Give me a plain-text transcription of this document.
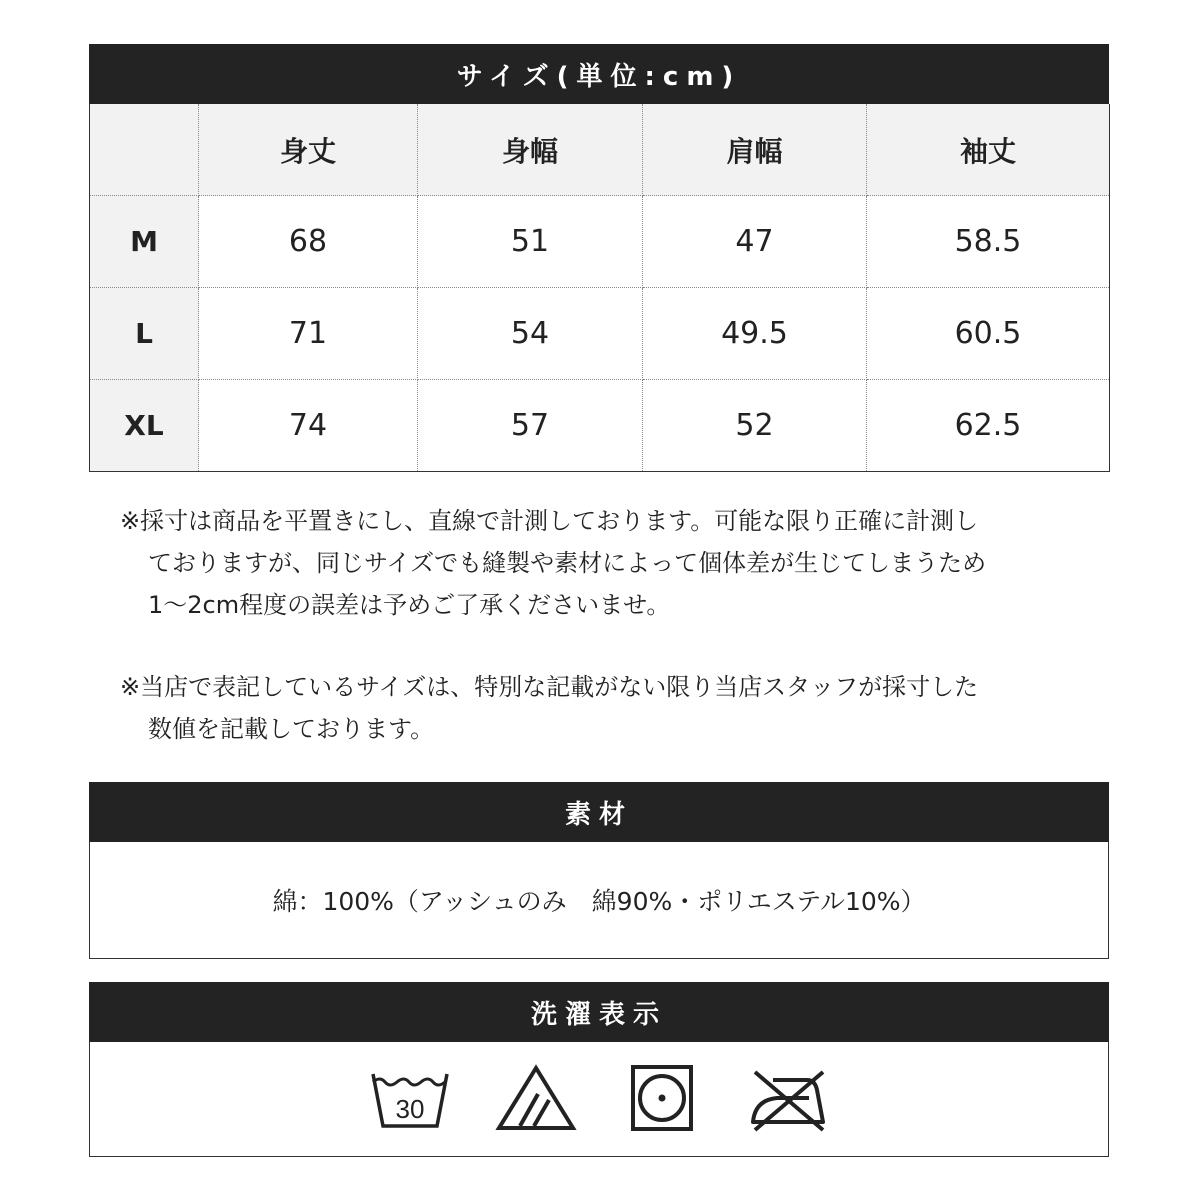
サイズ(単位:cm)
	身丈	身幅	肩幅	袖丈
M	68	51	47	58.5
L	71	54	49.5	60.5
XL	74	57	52	62.5
※採寸は商品を平置きにし、直線で計測しております。可能な限り正確に計測し
ておりますが、同じサイズでも縫製や素材によって個体差が生じてしまうため
1～2cm程度の誤差は予めご了承くださいませ。
※当店で表記しているサイズは、特別な記載がない限り当店スタッフが採寸した
数値を記載しております。
素材
綿：100%（アッシュのみ　綿90%・ポリエステル10%）
洗濯表示
30
